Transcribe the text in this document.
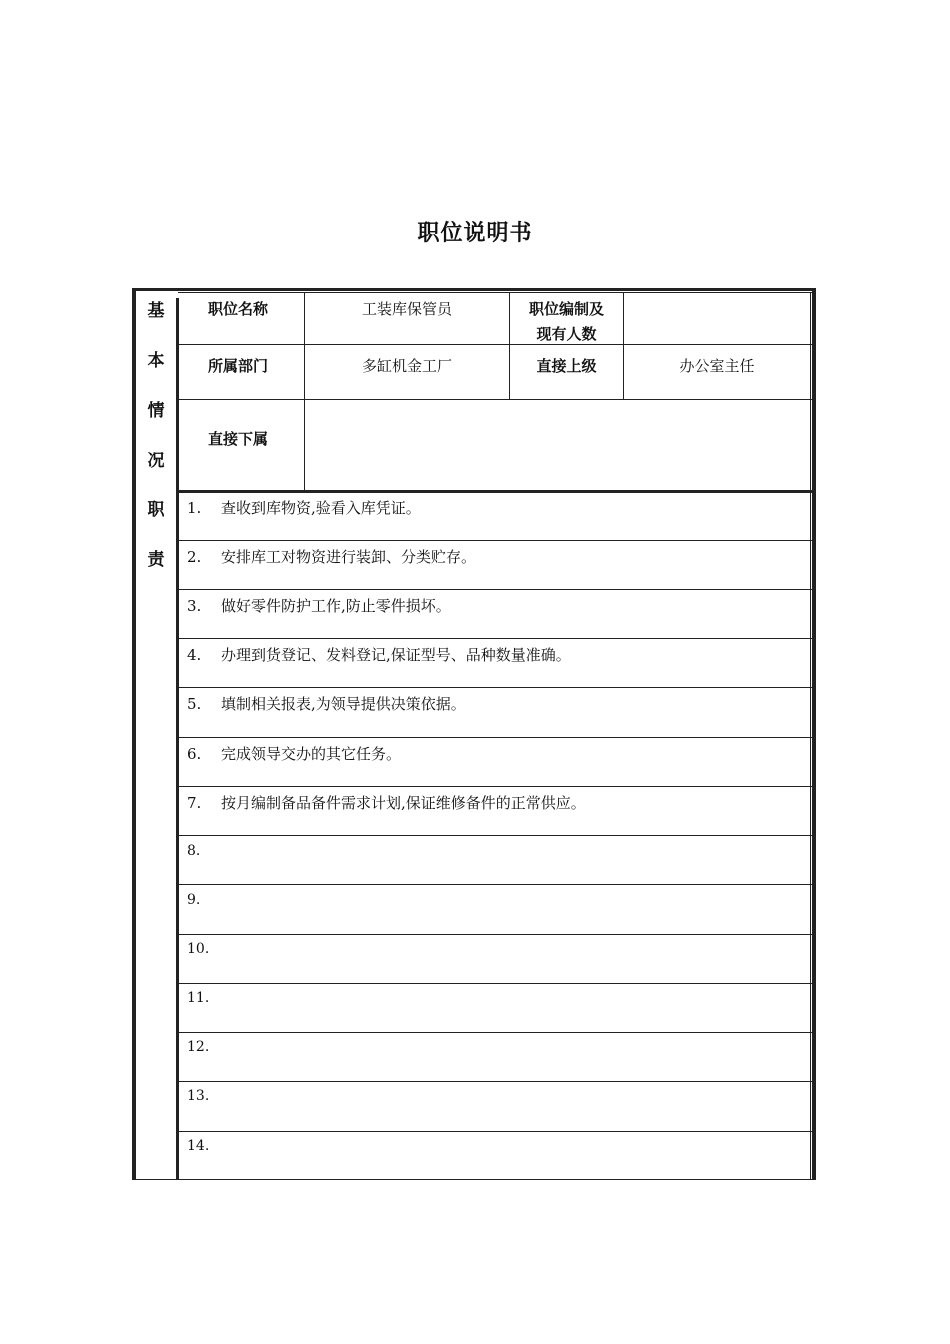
职位说明书
基
本
情
况
职
责
职位名称	工装库保管员	职位编制及
现有人数
所属部门	多缸机金工厂	直接上级	办公室主任
直接下属
1. 查收到库物资,验看入库凭证。
2. 安排库工对物资进行装卸、分类贮存。
3. 做好零件防护工作,防止零件损坏。
4. 办理到货登记、发料登记,保证型号、品种数量准确。
5. 填制相关报表,为领导提供决策依据。
6. 完成领导交办的其它任务。
7. 按月编制备品备件需求计划,保证维修备件的正常供应。
8.
9.
10.
11.
12.
13.
14.
